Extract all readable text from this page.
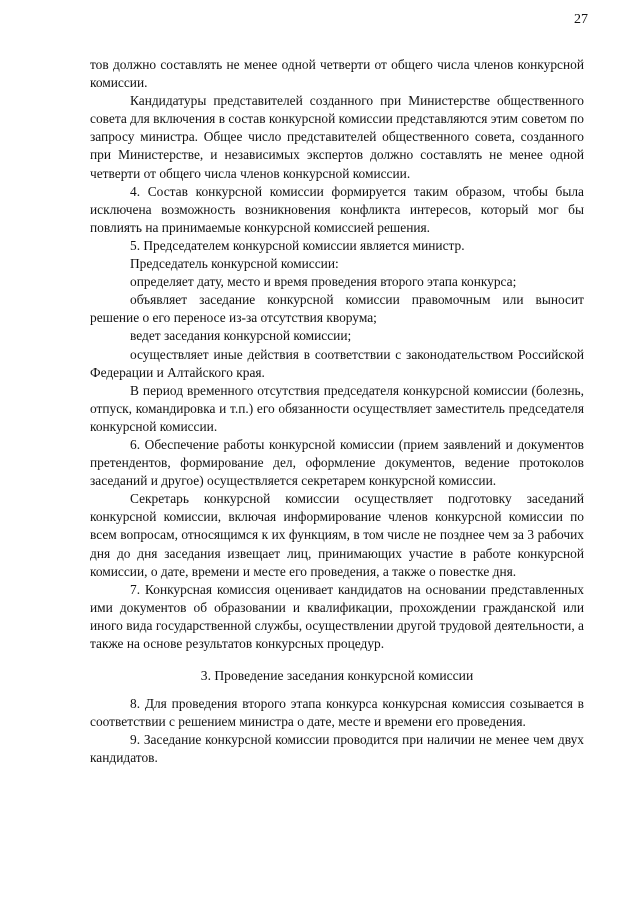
27

тов должно составлять не менее одной четверти от общего числа членов конкурсной комиссии.

Кандидатуры представителей созданного при Министерстве общественного совета для включения в состав конкурсной комиссии представляются этим советом по запросу министра. Общее число представителей общественного совета, созданного при Министерстве, и независимых экспертов должно составлять не менее одной четверти от общего числа членов конкурсной комиссии.

4. Состав конкурсной комиссии формируется таким образом, чтобы была исключена возможность возникновения конфликта интересов, который мог бы повлиять на принимаемые конкурсной комиссией решения.

5. Председателем конкурсной комиссии является министр.

Председатель конкурсной комиссии:

определяет дату, место и время проведения второго этапа конкурса;

объявляет заседание конкурсной комиссии правомочным или выносит решение о его переносе из-за отсутствия кворума;

ведет заседания конкурсной комиссии;

осуществляет иные действия в соответствии с законодательством Российской Федерации и Алтайского края.

В период временного отсутствия председателя конкурсной комиссии (болезнь, отпуск, командировка и т.п.) его обязанности осуществляет заместитель председателя конкурсной комиссии.

6. Обеспечение работы конкурсной комиссии (прием заявлений и документов претендентов, формирование дел, оформление документов, ведение протоколов заседаний и другое) осуществляется секретарем конкурсной комиссии.

Секретарь конкурсной комиссии осуществляет подготовку заседаний конкурсной комиссии, включая информирование членов конкурсной комиссии по всем вопросам, относящимся к их функциям, в том числе не позднее чем за 3 рабочих дня до дня заседания извещает лиц, принимающих участие в работе конкурсной комиссии, о дате, времени и месте его проведения, а также о повестке дня.

7. Конкурсная комиссия оценивает кандидатов на основании представленных ими документов об образовании и квалификации, прохождении гражданской или иного вида государственной службы, осуществлении другой трудовой деятельности, а также на основе результатов конкурсных процедур.

3. Проведение заседания конкурсной комиссии

8. Для проведения второго этапа конкурса конкурсная комиссия созывается в соответствии с решением министра о дате, месте и времени его проведения.

9. Заседание конкурсной комиссии проводится при наличии не менее чем двух кандидатов.
